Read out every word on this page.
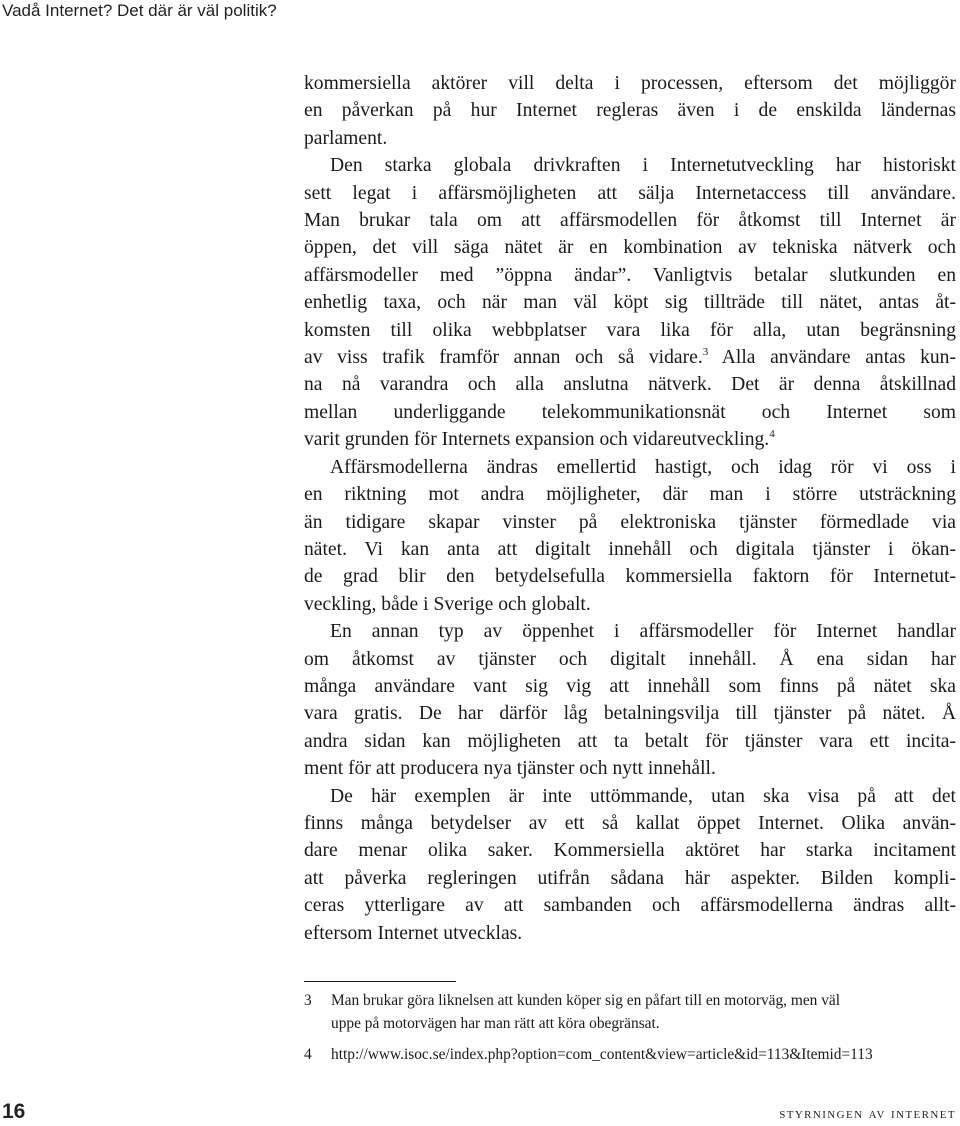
Vadå Internet? Det där är väl politik?

kommersiella aktörer vill delta i processen, eftersom det möjliggör
en påverkan på hur Internet regleras även i de enskilda ländernas
parlament.

Den starka globala drivkraften i Internetutveckling har historiskt
sett legat i affärsmöjligheten att sälja Internetaccess till användare.
Man brukar tala om att affärsmodellen för åtkomst till Internet är
öppen, det vill säga nätet är en kombination av tekniska nätverk och
affärsmodeller med ”öppna ändar”. Vanligtvis betalar slutkunden en
enhetlig taxa, och när man väl köpt sig tillträde till nätet, antas åt-
komsten till olika webbplatser vara lika för alla, utan begränsning
av viss trafik framför annan och så vidare.$^3$ Alla användare antas kun-
na nå varandra och alla anslutna nätverk. Det är denna åtskillnad
mellan underliggande telekommunikationsnät och Internet som
varit grunden för Internets expansion och vidareutveckling.$^4$

Affärsmodellerna ändras emellertid hastigt, och idag rör vi oss i
en riktning mot andra möjligheter, där man i större utsträckning
än tidigare skapar vinster på elektroniska tjänster förmedlade via
nätet. Vi kan anta att digitalt innehåll och digitala tjänster i ökan-
de grad blir den betydelsefulla kommersiella faktorn för Internetut-
veckling, både i Sverige och globalt.

En annan typ av öppenhet i affärsmodeller för Internet handlar
om åtkomst av tjänster och digitalt innehåll. Å ena sidan har
många användare vant sig vig att innehåll som finns på nätet ska
vara gratis. De har därför låg betalningsvilja till tjänster på nätet. Å
andra sidan kan möjligheten att ta betalt för tjänster vara ett incita-
ment för att producera nya tjänster och nytt innehåll.

De här exemplen är inte uttömmande, utan ska visa på att det
finns många betydelser av ett så kallat öppet Internet. Olika använ-
dare menar olika saker. Kommersiella aktöret har starka incitament
att påverka regleringen utifrån sådana här aspekter. Bilden kompli-
ceras ytterligare av att sambanden och affärsmodellerna ändras allt-
eftersom Internet utvecklas.

3	Man brukar göra liknelsen att kunden köper sig en påfart till en motorväg, men väl
uppe på motorvägen har man rätt att köra obegränsat.
4	http://www.isoc.se/index.php?option=com_content&view=article&id=113&Itemid=113
16	styrningen av internet
